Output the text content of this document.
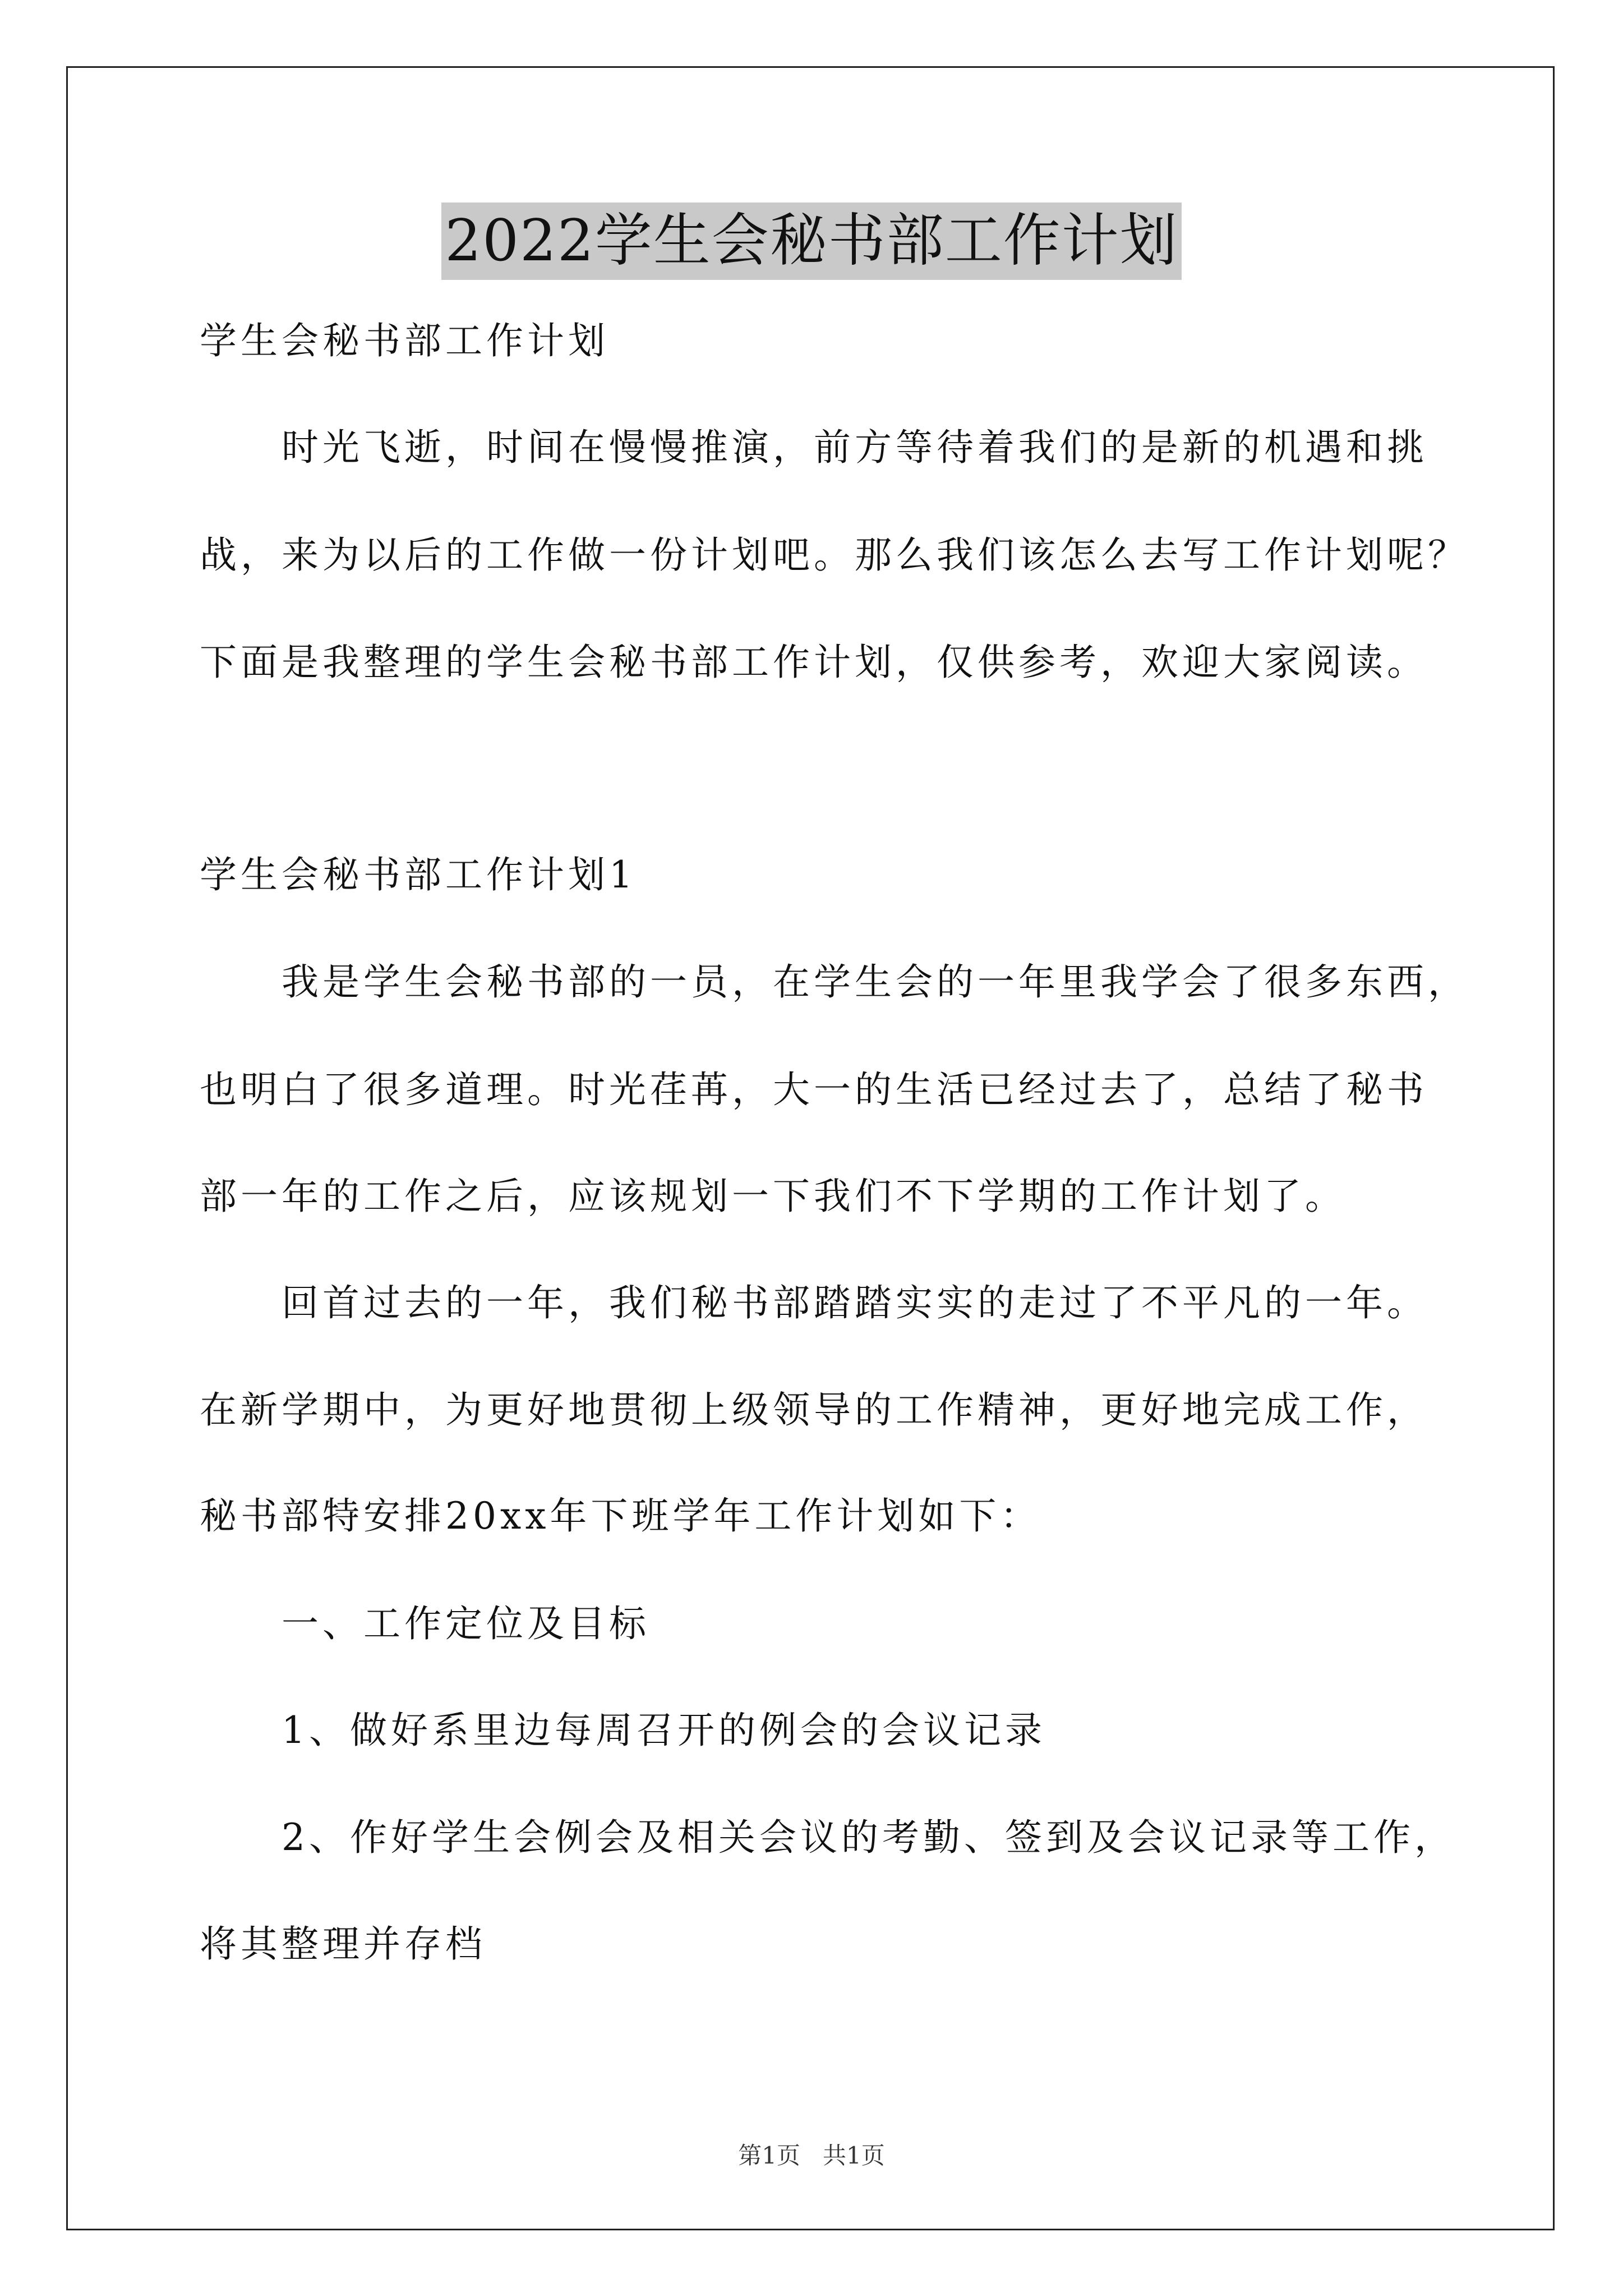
2022学生会秘书部工作计划
学生会秘书部工作计划
　　时光飞逝，时间在慢慢推演，前方等待着我们的是新的机遇和挑
战，来为以后的工作做一份计划吧。那么我们该怎么去写工作计划呢？
下面是我整理的学生会秘书部工作计划，仅供参考，欢迎大家阅读。
学生会秘书部工作计划1
　　我是学生会秘书部的一员，在学生会的一年里我学会了很多东西，
也明白了很多道理。时光荏苒，大一的生活已经过去了，总结了秘书
部一年的工作之后，应该规划一下我们不下学期的工作计划了。
　　回首过去的一年，我们秘书部踏踏实实的走过了不平凡的一年。
在新学期中，为更好地贯彻上级领导的工作精神，更好地完成工作，
秘书部特安排20xx年下班学年工作计划如下：
　　一、工作定位及目标
　　1、做好系里边每周召开的例会的会议记录
　　2、作好学生会例会及相关会议的考勤、签到及会议记录等工作，
将其整理并存档
第1页 共1页
